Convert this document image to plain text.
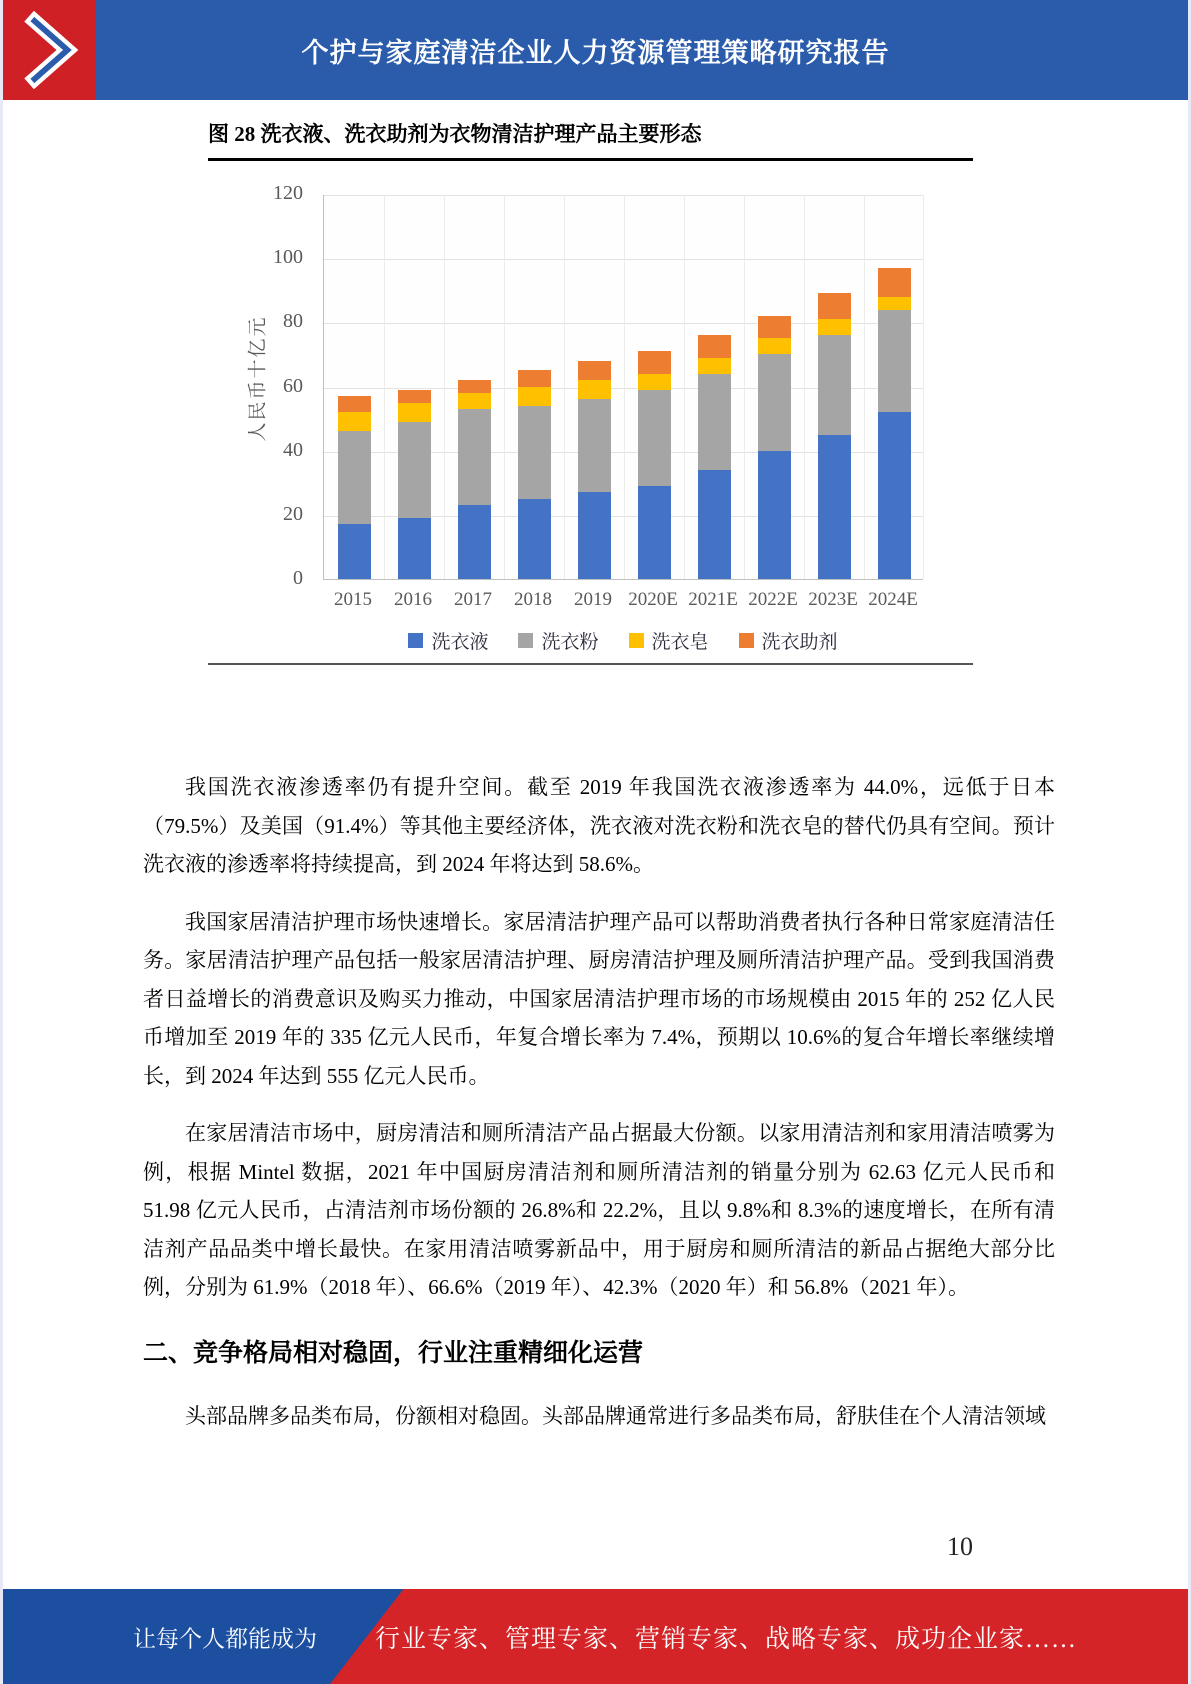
个护与家庭清洁企业人力资源管理策略研究报告
图 28 洗衣液、洗衣助剂为衣物清洁护理产品主要形态
人民币十亿元
0
20
40
60
80
100
120
2015	2016	2017	2018	2019 2020E 2021E 2022E 2023E 2024E
洗衣液	洗衣粉	洗衣皂	洗衣助剂

我国洗衣液渗透率仍有提升空间。截至 2019 年我国洗衣液渗透率为 44.0%，远低于日本（79.5%）及美国（91.4%）等其他主要经济体，洗衣液对洗衣粉和洗衣皂的替代仍具有空间。预计洗衣液的渗透率将持续提高，到 2024 年将达到 58.6%。

我国家居清洁护理市场快速增长。家居清洁护理产品可以帮助消费者执行各种日常家庭清洁任务。家居清洁护理产品包括一般家居清洁护理、厨房清洁护理及厕所清洁护理产品。受到我国消费者日益增长的消费意识及购买力推动，中国家居清洁护理市场的市场规模由 2015 年的 252 亿人民币增加至 2019 年的 335 亿元人民币，年复合增长率为 7.4%，预期以 10.6%的复合年增长率继续增长，到 2024 年达到 555 亿元人民币。

在家居清洁市场中，厨房清洁和厕所清洁产品占据最大份额。以家用清洁剂和家用清洁喷雾为例，根据 Mintel 数据，2021 年中国厨房清洁剂和厕所清洁剂的销量分别为 62.63 亿元人民币和 51.98 亿元人民币，占清洁剂市场份额的 26.8%和 22.2%，且以 9.8%和 8.3%的速度增长，在所有清洁剂产品品类中增长最快。在家用清洁喷雾新品中，用于厨房和厕所清洁的新品占据绝大部分比例，分别为 61.9%（2018 年）、66.6%（2019 年）、42.3%（2020 年）和 56.8%（2021 年）。

二、竞争格局相对稳固，行业注重精细化运营

头部品牌多品类布局，份额相对稳固。头部品牌通常进行多品类布局，舒肤佳在个人清洁领域

10
让每个人都能成为 行业专家、管理专家、营销专家、战略专家、成功企业家……
